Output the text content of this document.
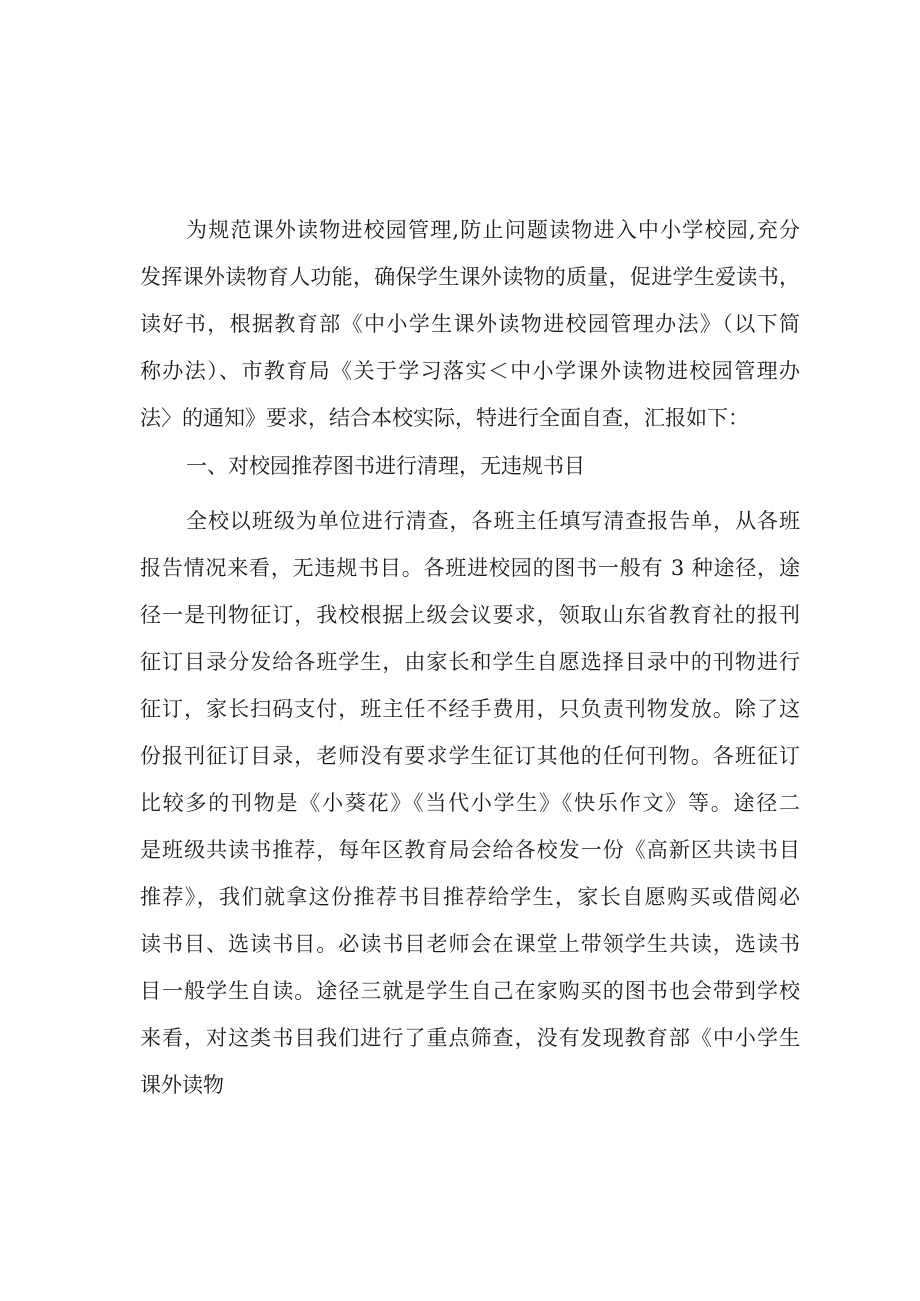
为规范课外读物进校园管理,防止问题读物进入中小学校园,充分
发挥课外读物育人功能，确保学生课外读物的质量，促进学生爱读书，
读好书，根据教育部《中小学生课外读物进校园管理办法》（以下简
称办法）、市教育局《关于学习落实＜中小学课外读物进校园管理办
法〉的通知》要求，结合本校实际，特进行全面自查，汇报如下：
一、对校园推荐图书进行清理，无违规书目
全校以班级为单位进行清查，各班主任填写清查报告单，从各班
报告情况来看，无违规书目。各班进校园的图书一般有 3 种途径，途
径一是刊物征订，我校根据上级会议要求，领取山东省教育社的报刊
征订目录分发给各班学生，由家长和学生自愿选择目录中的刊物进行
征订，家长扫码支付，班主任不经手费用，只负责刊物发放。除了这
份报刊征订目录，老师没有要求学生征订其他的任何刊物。各班征订
比较多的刊物是《小葵花》《当代小学生》《快乐作文》等。途径二
是班级共读书推荐，每年区教育局会给各校发一份《高新区共读书目
推荐》，我们就拿这份推荐书目推荐给学生，家长自愿购买或借阅必
读书目、选读书目。必读书目老师会在课堂上带领学生共读，选读书
目一般学生自读。途径三就是学生自己在家购买的图书也会带到学校
来看，对这类书目我们进行了重点筛查，没有发现教育部《中小学生
课外读物
